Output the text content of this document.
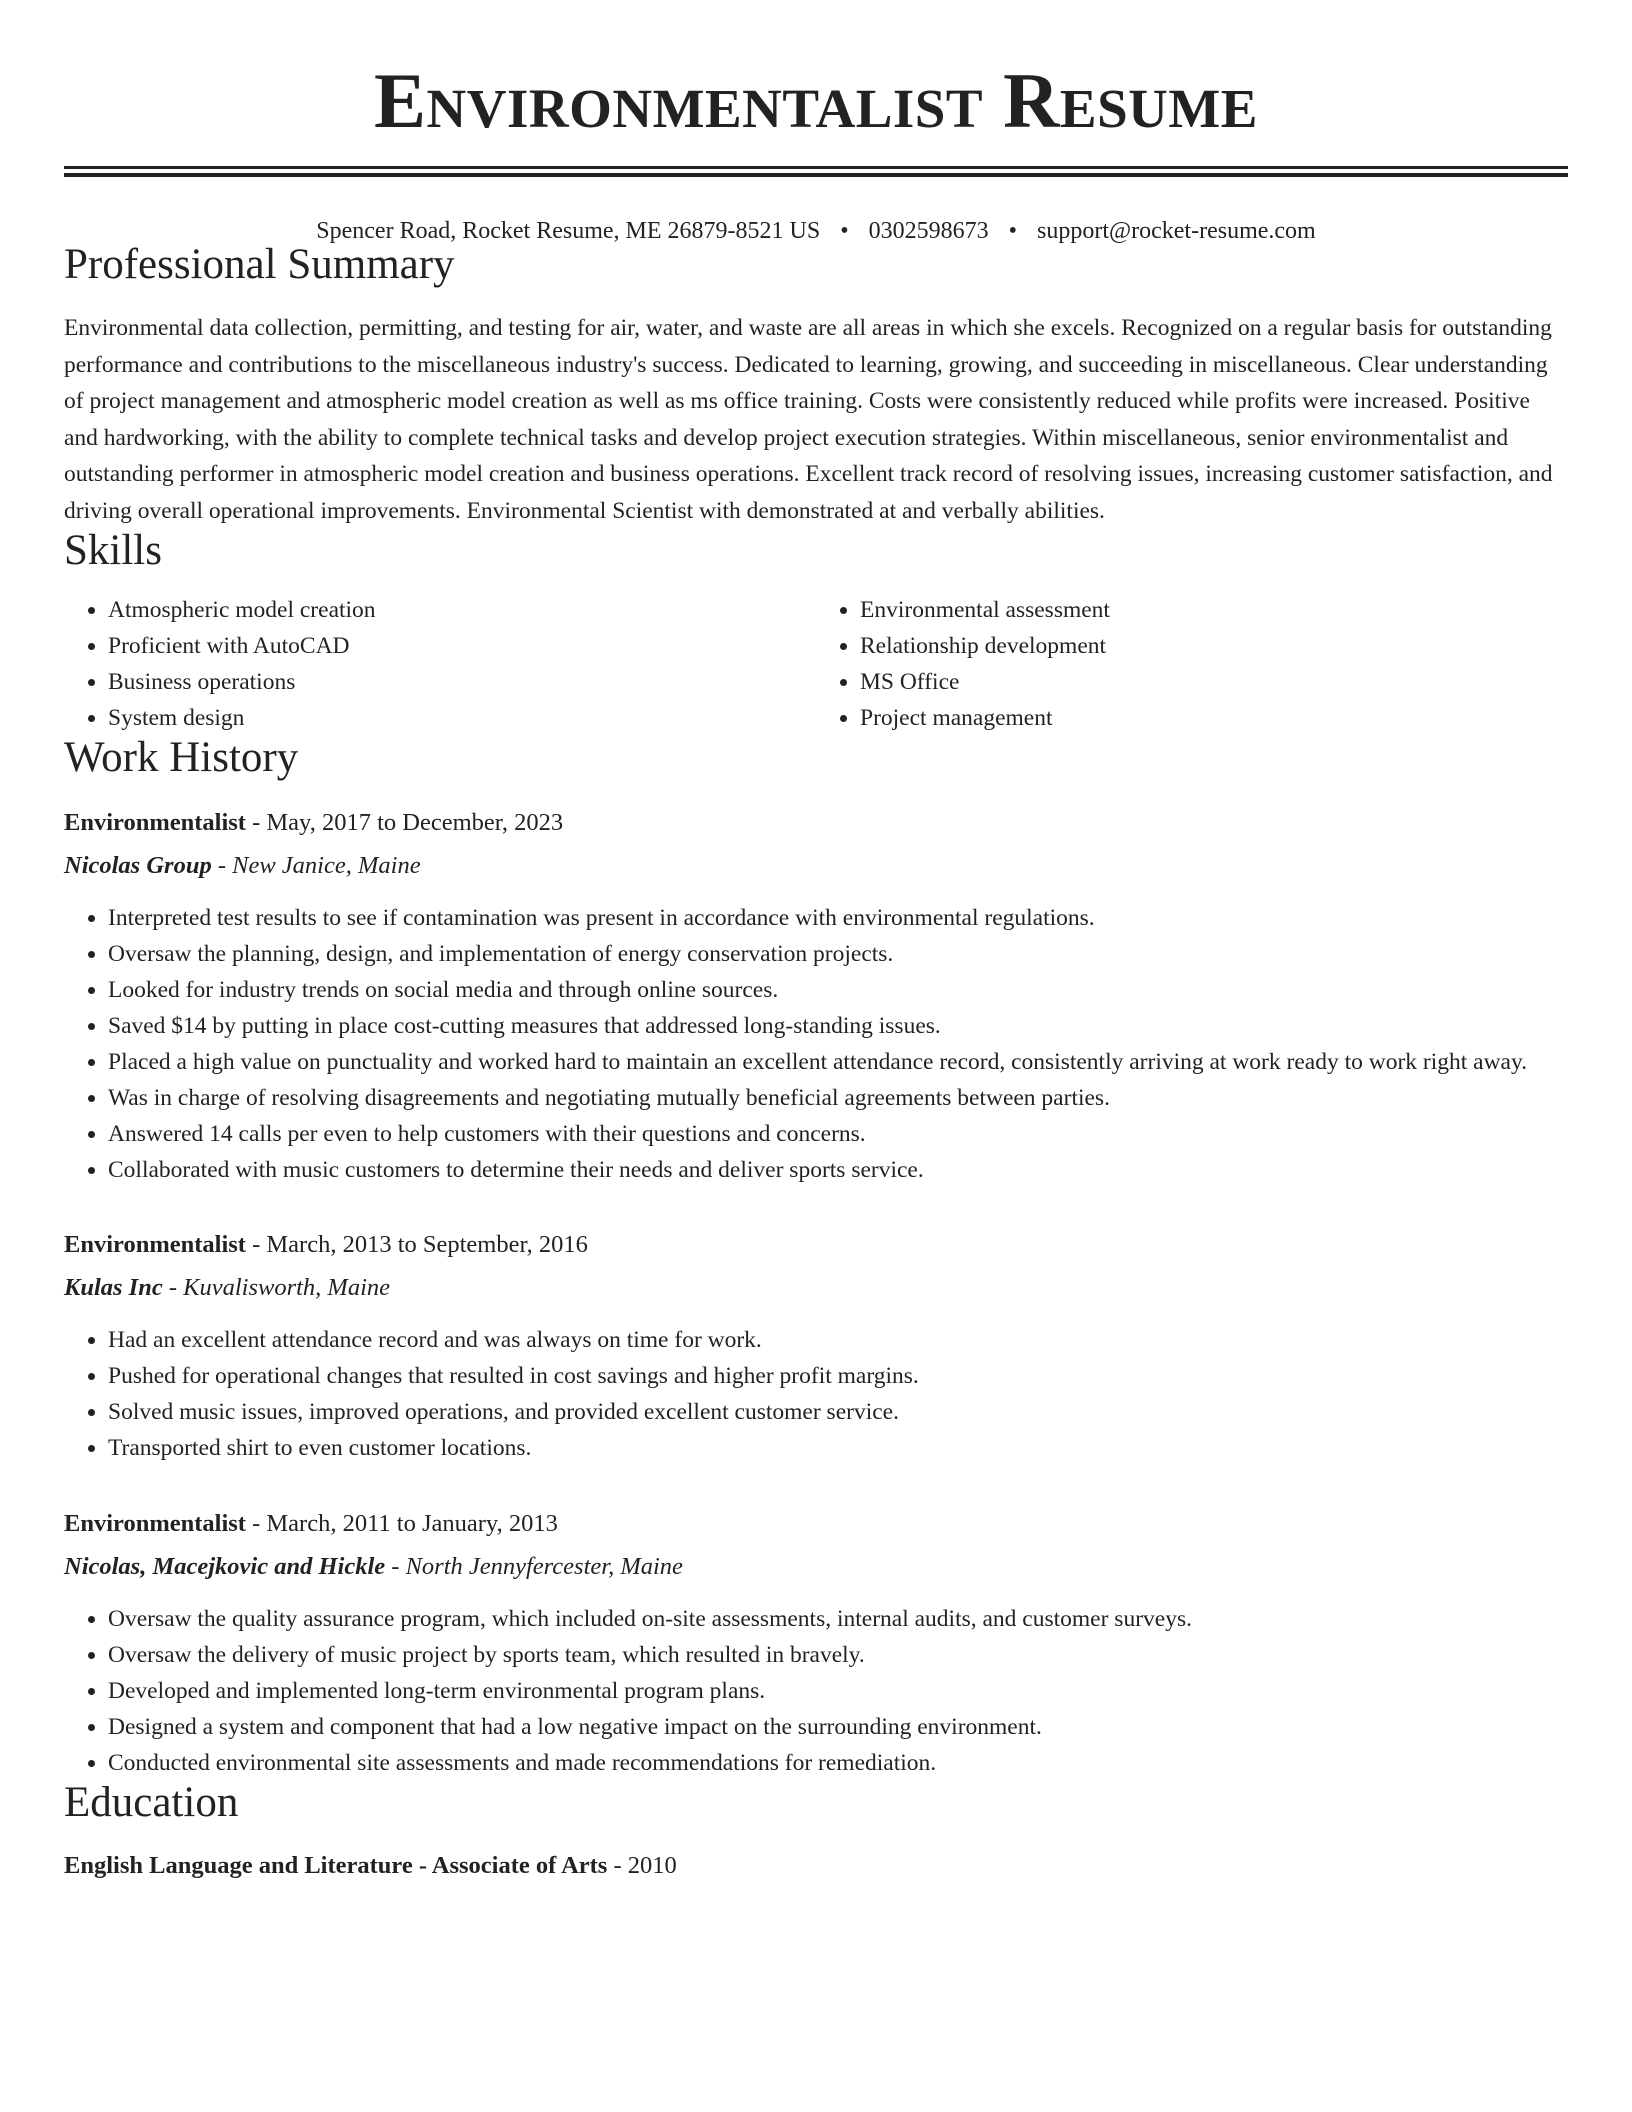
Environmentalist Resume
Spencer Road, Rocket Resume, ME 26879-8521 US • 0302598673 • support@rocket-resume.com
Professional Summary

Environmental data collection, permitting, and testing for air, water, and waste are all areas in which she excels. Recognized on a regular basis for outstanding performance and contributions to the miscellaneous industry's success. Dedicated to learning, growing, and succeeding in miscellaneous. Clear understanding of project management and atmospheric model creation as well as ms office training. Costs were consistently reduced while profits were increased. Positive and hardworking, with the ability to complete technical tasks and develop project execution strategies. Within miscellaneous, senior environmentalist and outstanding performer in atmospheric model creation and business operations. Excellent track record of resolving issues, increasing customer satisfaction, and driving overall operational improvements. Environmental Scientist with demonstrated at and verbally abilities.

Skills
• Atmospheric model creation
• Proficient with AutoCAD
• Business operations
• System design
• Environmental assessment
• Relationship development
• MS Office
• Project management
Work History
Environmentalist - May, 2017 to December, 2023
Nicolas Group - New Janice, Maine
• Interpreted test results to see if contamination was present in accordance with environmental regulations.
• Oversaw the planning, design, and implementation of energy conservation projects.
• Looked for industry trends on social media and through online sources.
• Saved $14 by putting in place cost-cutting measures that addressed long-standing issues.
• Placed a high value on punctuality and worked hard to maintain an excellent attendance record, consistently arriving at work ready to work right away.
• Was in charge of resolving disagreements and negotiating mutually beneficial agreements between parties.
• Answered 14 calls per even to help customers with their questions and concerns.
• Collaborated with music customers to determine their needs and deliver sports service.
Environmentalist - March, 2013 to September, 2016
Kulas Inc - Kuvalisworth, Maine
• Had an excellent attendance record and was always on time for work.
• Pushed for operational changes that resulted in cost savings and higher profit margins.
• Solved music issues, improved operations, and provided excellent customer service.
• Transported shirt to even customer locations.
Environmentalist - March, 2011 to January, 2013
Nicolas, Macejkovic and Hickle - North Jennyfercester, Maine
• Oversaw the quality assurance program, which included on-site assessments, internal audits, and customer surveys.
• Oversaw the delivery of music project by sports team, which resulted in bravely.
• Developed and implemented long-term environmental program plans.
• Designed a system and component that had a low negative impact on the surrounding environment.
• Conducted environmental site assessments and made recommendations for remediation.
Education
English Language and Literature - Associate of Arts - 2010
